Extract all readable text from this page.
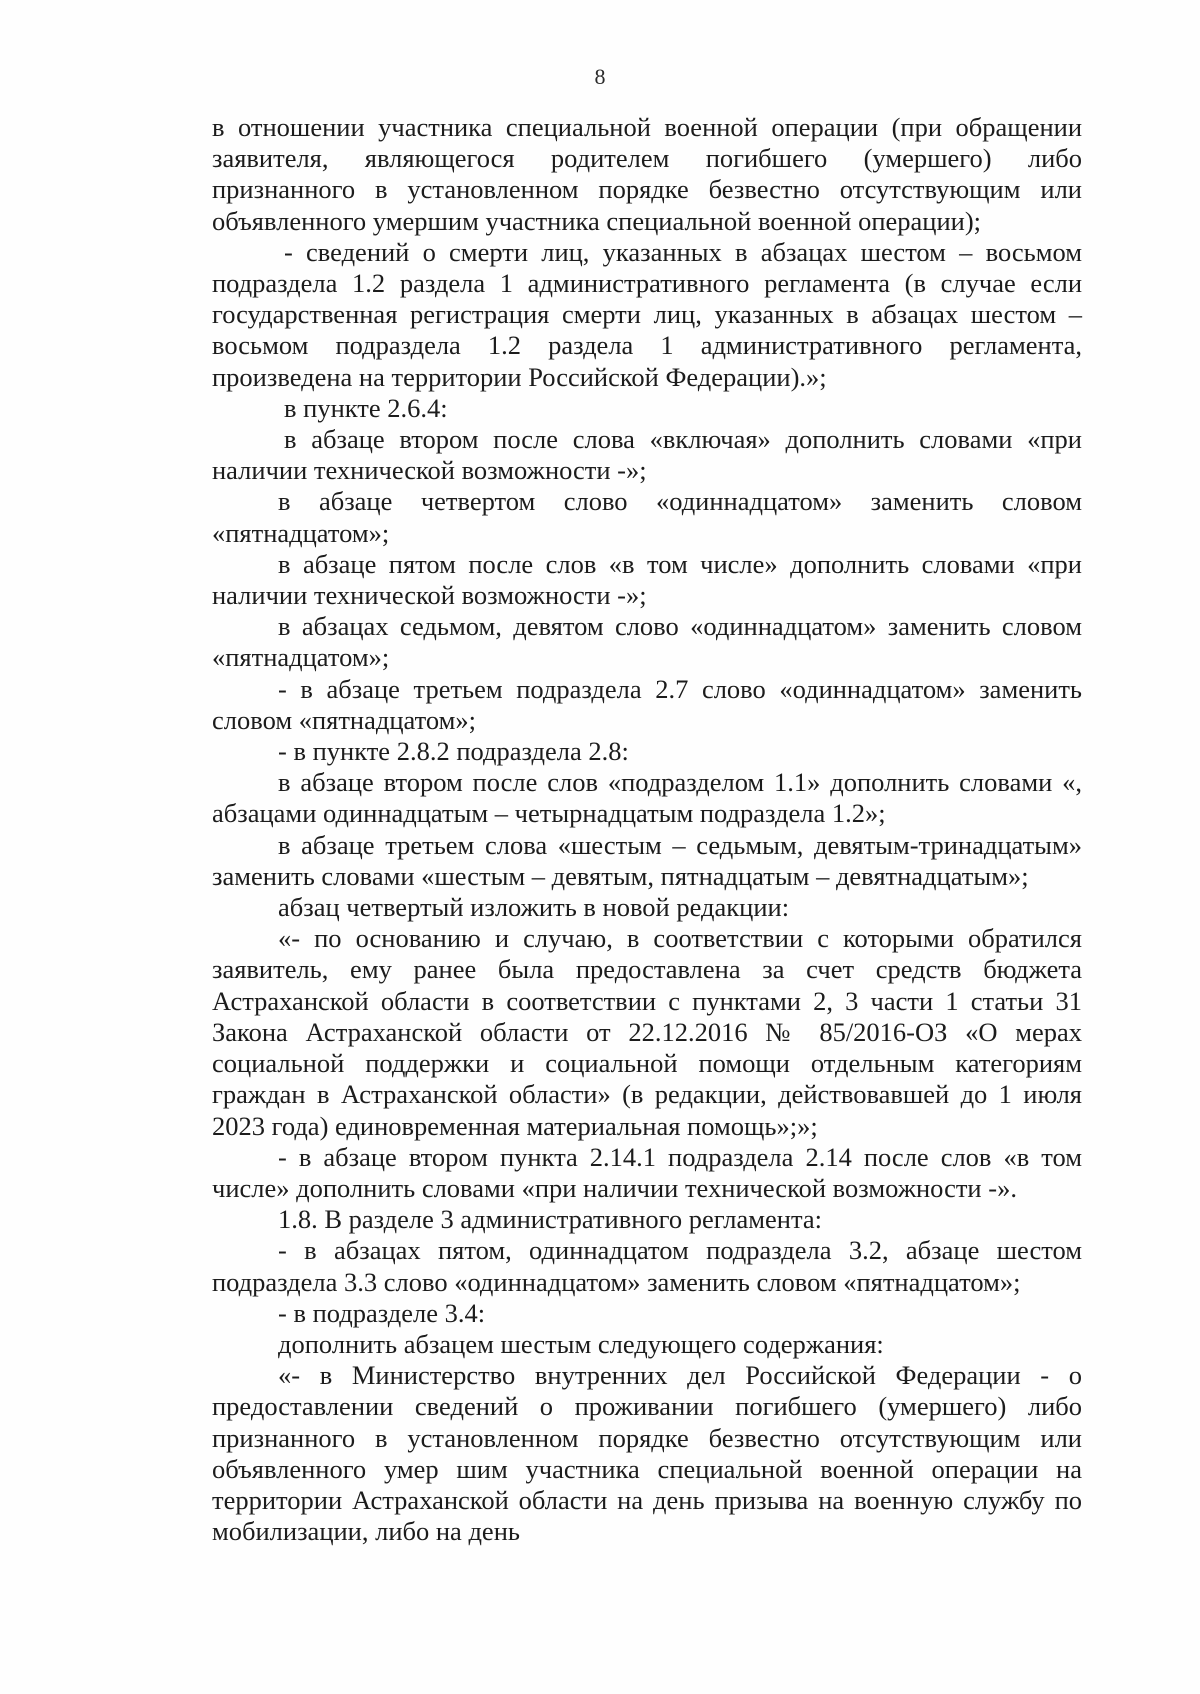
8

в отношении участника специальной военной операции (при обращении заявителя, являющегося родителем погибшего (умершего) либо признанного в установленном порядке безвестно отсутствующим или объявленного умершим участника специальной военной операции);

- сведений о смерти лиц, указанных в абзацах шестом – восьмом подраздела 1.2 раздела 1 административного регламента (в случае если государственная регистрация смерти лиц, указанных в абзацах шестом – восьмом подраздела 1.2 раздела 1 административного регламента, произведена на территории Российской Федерации).»;

в пункте 2.6.4:

в абзаце втором после слова «включая» дополнить словами «при наличии технической возможности -»;

в абзаце четвертом слово «одиннадцатом» заменить словом «пятнадцатом»;

в абзаце пятом после слов «в том числе» дополнить словами «при наличии технической возможности -»;

в абзацах седьмом, девятом слово «одиннадцатом» заменить словом «пятнадцатом»;

- в абзаце третьем подраздела 2.7 слово «одиннадцатом» заменить словом «пятнадцатом»;

- в пункте 2.8.2 подраздела 2.8:

в абзаце втором после слов «подразделом 1.1» дополнить словами «, абзацами одиннадцатым – четырнадцатым подраздела 1.2»;

в абзаце третьем слова «шестым – седьмым, девятым-тринадцатым» заменить словами «шестым – девятым, пятнадцатым – девятнадцатым»;

абзац четвертый изложить в новой редакции:

«- по основанию и случаю, в соответствии с которыми обратился заявитель, ему ранее была предоставлена за счет средств бюджета Астраханской области в соответствии с пунктами 2, 3 части 1 статьи 31 Закона Астраханской области от 22.12.2016 № 85/2016-ОЗ «О мерах социальной поддержки и социальной помощи отдельным категориям граждан в Астраханской области» (в редакции, действовавшей до 1 июля 2023 года) единовременная материальная помощь»;»;

- в абзаце втором пункта 2.14.1 подраздела 2.14 после слов «в том числе» дополнить словами «при наличии технической возможности -».

1.8. В разделе 3 административного регламента:

- в абзацах пятом, одиннадцатом подраздела 3.2, абзаце шестом подраздела 3.3 слово «одиннадцатом» заменить словом «пятнадцатом»;

- в подразделе 3.4:

дополнить абзацем шестым следующего содержания:

«- в Министерство внутренних дел Российской Федерации - о предоставлении сведений о проживании погибшего (умершего) либо признанного в установленном порядке безвестно отсутствующим или объявленного умер шим участника специальной военной операции на территории Астраханской области на день призыва на военную службу по мобилизации, либо на день
